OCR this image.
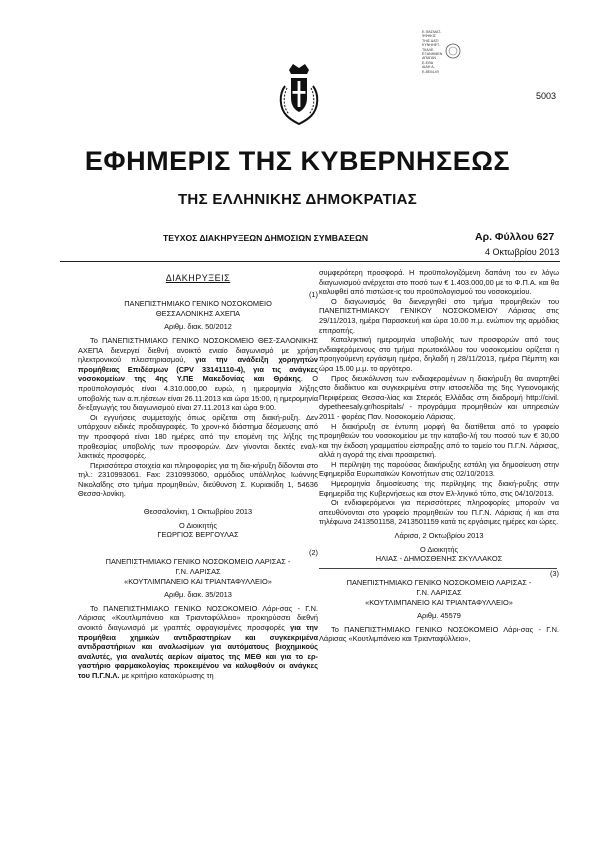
5003
Ε-ΦΑΣΜΑΤ-
ΦΦΗΚΙΣ
ΤΗΙΣ ΔΑΤΙ
ΚΥΝΗΗΕΤ-
ΤΙΙΑΛΕ
ΕΞΑΝΗΜΕΝ
ΑΠΑΓΑΝ
Ε-ΕΘΑ
ΔΙΑΗ Α-
Ε-8Ε04-ΙΘ
ΕΦΗΜΕΡΙΣ ΤΗΣ ΚΥΒΕΡΝΗΣΕΩΣ
ΤΗΣ ΕΛΛΗΝΙΚΗΣ ΔΗΜΟΚΡΑΤΙΑΣ
ΤΕΥΧΟΣ ΔΙΑΚΗΡΥΞΕΩΝ ΔΗΜΟΣΙΩΝ ΣΥΜΒΑΣΕΩΝ	Αρ. Φύλλου 627
4 Οκτωβρίου 2013
ΔΙΑΚΗΡΥΞΕΙΣ
(1)
ΠΑΝΕΠΙΣΤΗΜΙΑΚΟ ΓΕΝΙΚΟ ΝΟΣΟΚΟΜΕΙΟ
ΘΕΣΣΑΛΟΝΙΚΗΣ ΑΧΕΠΑ
Αριθμ. διακ. 50/2012

Το ΠΑΝΕΠΙΣΤΗΜΙΑΚΟ ΓΕΝΙΚΟ ΝΟΣΟΚΟΜΕΙΟ ΘΕΣ-ΣΑΛΟΝΙΚΗΣ ΑΧΕΠΑ διενεργεί διεθνή ανοικτό ενιαίο διαγωνισμό με χρήση ηλεκτρονικού πλειστηριασμού, για την ανάδειξη χορηγητών προμήθειας Επιδέσμων (CPV 33141110-4), για τις ανάγκες νοσοκομείων της 4ης Υ.ΠΕ Μακεδονίας και Θράκης. Ο προϋπολογισμός είναι 4.310.000,00 ευρώ, η ημερομηνία λήξης υποβολής των α.π.ηέσεων είναι 26.11.2013 και ώρα 15:00, η ημερομηνία δι-εξαγωγής του διαγωνισμού είναι 27.11.2013 και ώρα 9:00.

Οι εγγυήσεις συμμετοχής όπως ορίζεται στη διακή-ρυξη. Δεν υπάρχουν ειδικές προδιαγραφές. Το χρονι-κό διάστημα δέσμευσης από την προσφορά είναι 180 ημέρες από την επομένη της λήξης της προθεσμίας υποβολής των προσφορών. Δεν γίνονται δεκτές εναλ-λακτικές προσφορές.

Περισσότερα στοιχεία και πληροφορίες για τη δια-κήρυξη δίδονται στο τηλ.: 2310993061. Fax: 2310993060, αρμόδιος υπάλληλος Ιωάννης Νικολαΐδης στο τμήμα προμηθειών, διεύθυνση Σ. Κυριακίδη 1, 54636 Θεσσα-λονίκη.

Θεσσαλονίκη, 1 Οκτωβρίου 2013
Ο Διοικητής
ΓΕΩΡΓΙΟΣ ΒΕΡΓΟΥΛΑΣ
(2)
ΠΑΝΕΠΙΣΤΗΜΙΑΚΟ ΓΕΝΙΚΟ ΝΟΣΟΚΟΜΕΙΟ ΛΑΡΙΣΑΣ -
Γ.Ν. ΛΑΡΙΣΑΣ
«ΚΟΥΤΛΙΜΠΑΝΕΙΟ ΚΑΙ ΤΡΙΑΝΤΑΦΥΛΛΕΙΟ»
Αριθμ. διακ. 35/2013

Το ΠΑΝΕΠΙΣΤΗΜΙΑΚΟ ΓΕΝΙΚΟ ΝΟΣΟΚΟΜΕΙΟ Λάρι-σας - Γ.Ν. Λάρισας «Κουτλιμπάνειο και Τριανταφύλλειο» προκηρύσσει διεθνή ανοικτό διαγωνισμό με γραπτές σφραγισμένες προσφορές για την προμήθεια χημικών αντιδραστηρίων και συγκεκριμένα αντιδραστήριων και αναλωσίμων για αυτόματους βιοχημικούς αναλυτές, για αναλυτές αερίων αίματος της ΜΕΘ και για το ερ-γαστήριο φαρμακολογίας προκειμένου να καλυφθούν οι ανάγκες του Π.Γ.Ν.Λ. με κριτήριο κατακύρωσης τη

συμφερότερη προσφορά. Η προϋπολογιζόμενη δαπάνη του εν λόγω διαγωνισμού ανέρχεται στο ποσό των € 1.403.000,00 με το Φ.Π.Α. και θα καλυφθεί από πιστώσε-ις του προϋπολογισμού του νοσοκομείου.

Ο διαγωνισμός θα διενεργηθεί στο τμήμα προμηθειών του ΠΑΝΕΠΙΣΤΗΜΙΑΚΟΥ ΓΕΝΙΚΟΥ ΝΟΣΟΚΟΜΕΙΟΥ Λάρισας στις 29/11/2013, ημέρα Παρασκευή και ώρα 10.00 π.μ. ενώπιον της αρμόδιας επιτροπής.

Καταληκτική ημερομηνία υποβολής των προσφορών από τους ενδιαφερόμενους στο τμήμα πρωτοκόλλου του νοσοκομείου ορίζεται η προηγούμενη εργάσιμη ημέρα, δηλαδή η 28/11/2013, ημέρα Πέμπτη και ώρα 15.00 μ.μ. το αργότερο.

Προς διευκόλυνση των ενδιαφερομένων η διακήρυξη θα αναρτηθεί στο διαδίκτυο και συγκεκριμένα στην ιστοσελίδα της 5ης Υγειονομικής Περιφέρειας Θεσσα-λίας και Στερεάς Ελλάδας στη διαδρομή http://civil. dypetheesaly.gr/hospitals/ - προγράμμα προμηθειών και υπηρεσιών 2011 - φορέας Παν. Νοσοκομείο Λάρισας.

Η διακήρυξη σε έντυπη μορφή θα διατίθεται από το γραφείο προμηθειών του νοσοκομείου με την καταβο-λή του ποσού των € 30,00 και την έκδοση γραμματίου είσπραξης από το ταμείο του Π.Γ.Ν. Λάρισας, αλλά η αγορά της είναι προαιρετική.

Η περίληψη της παρούσας διακήρυξης εστάλη για δημοσίευση στην Εφημερίδα Ευρωπαϊκών Κοινοτήτων στις 02/10/2013.

Ημερομηνία δημοσίευσης της περίληψης της διακή-ρυξης στην Εφημερίδα της Κυβερνήσεως και στον Ελ-ληνικό τύπο, στις 04/10/2013.

Οι ενδιαφερόμενοι για περισσότερες πληροφορίες μπορούν να απευθύνονται στο γραφείο προμηθειών του Π.Γ.Ν. Λάρισας ή και στα τηλέφωνα 2413501158, 2413501159 κατά τις εργάσιμες ημέρες και ώρες.

Λάρισα, 2 Οκτωβρίου 2013
Ο Διοικητής
ΗΛΙΑΣ - ΔΗΜΟΣΘΕΝΗΣ ΣΚΥΛΛΑΚΟΣ
(3)
ΠΑΝΕΠΙΣΤΗΜΙΑΚΟ ΓΕΝΙΚΟ ΝΟΣΟΚΟΜΕΙΟ ΛΑΡΙΣΑΣ -
Γ.Ν. ΛΑΡΙΣΑΣ
«ΚΟΥΤΛΙΜΠΑΝΕΙΟ ΚΑΙ ΤΡΙΑΝΤΑΦΥΛΛΕΙΟ»
Αριθμ. 45579

Το ΠΑΝΕΠΙΣΤΗΜΙΑΚΟ ΓΕΝΙΚΟ ΝΟΣΟΚΟΜΕΙΟ Λάρι-σας - Γ.Ν. Λάρισας «Κουτλιμπάνειο και Τριανταφύλλειο»,
